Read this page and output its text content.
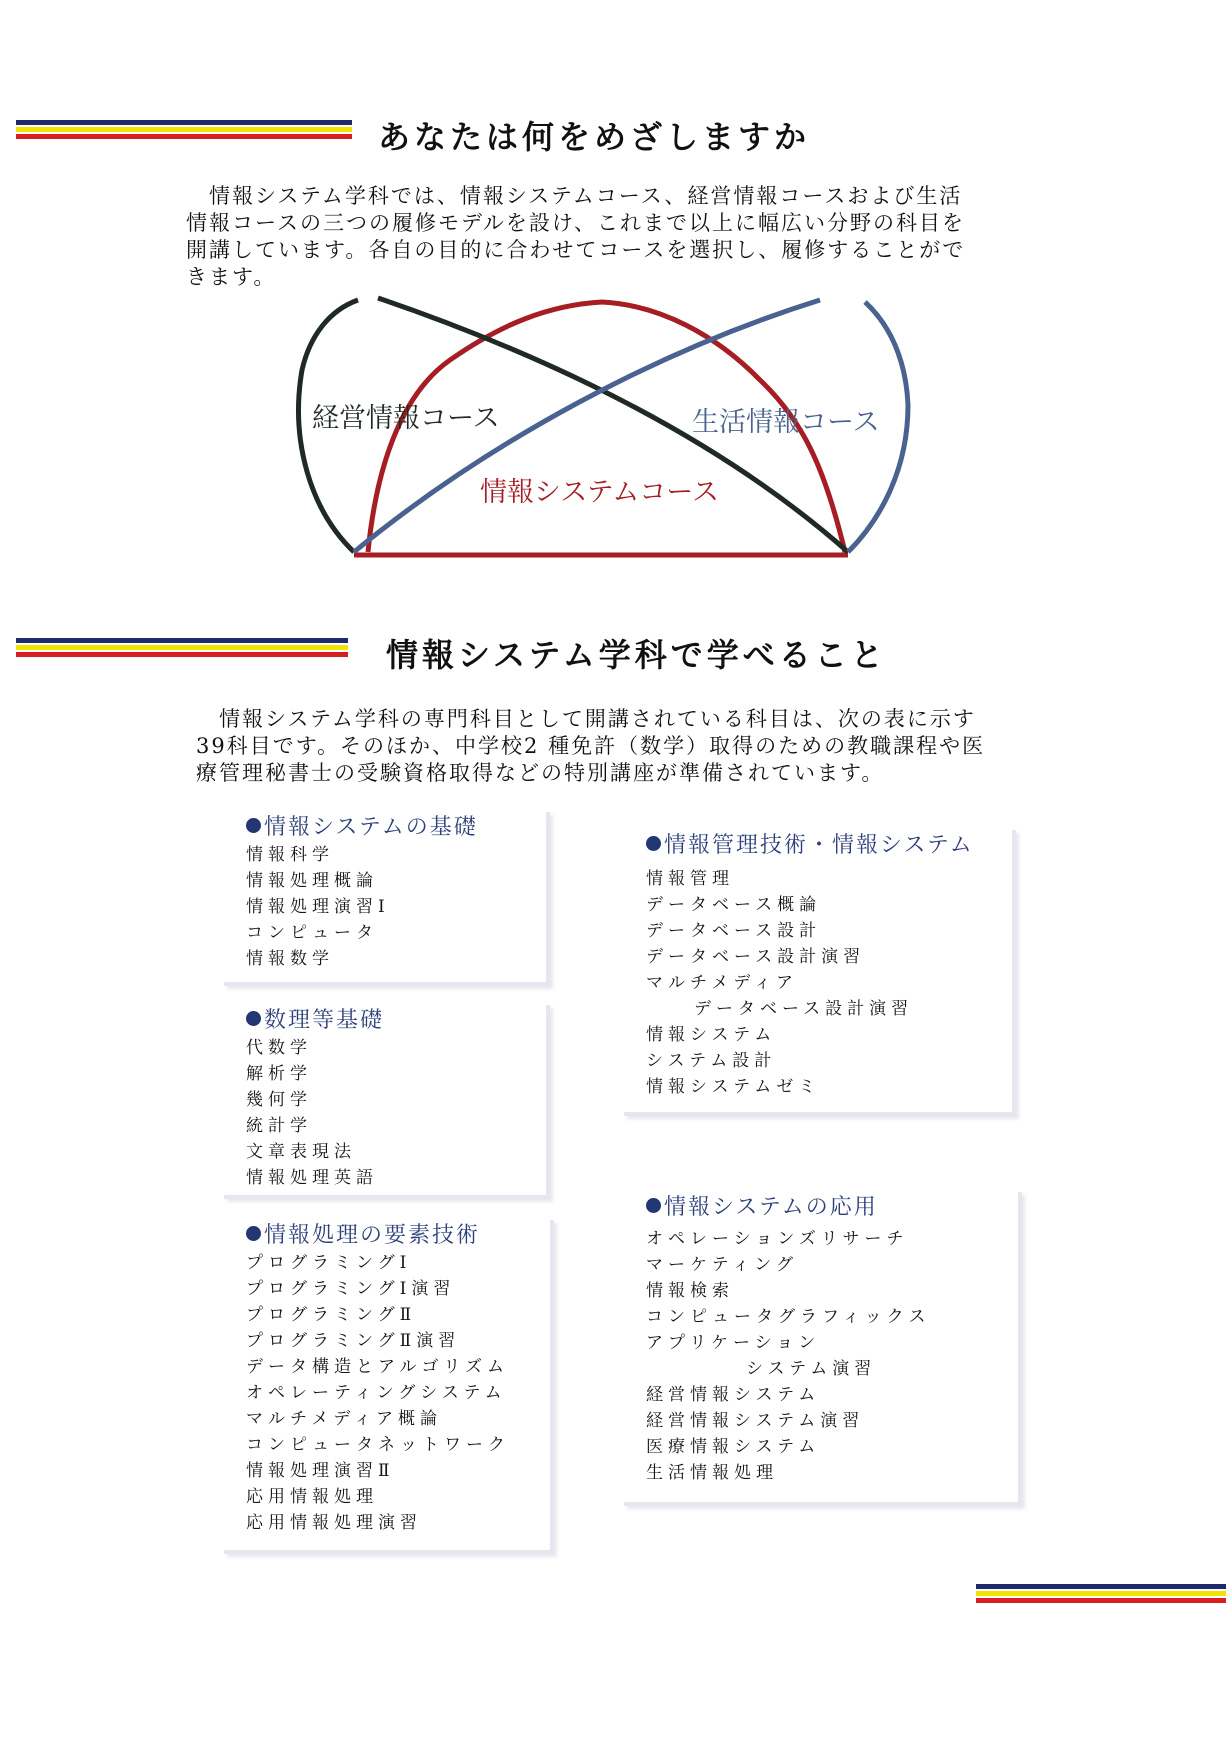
あなたは何をめざしますか

　情報システム学科では、情報システムコース、経営情報コースおよび生活

情報コースの三つの履修モデルを設け、これまで以上に幅広い分野の科目を

開講しています。各自の目的に合わせてコースを選択し、履修することがで

きます。

経営情報コース	生活情報コース
情報システムコース
情報システム学科で学べること

　情報システム学科の専門科目として開講されている科目は、次の表に示す

39科目です。そのほか、中学校2 種免許（数学）取得のための教職課程や医

療管理秘書士の受験資格取得などの特別講座が準備されています。

情報システムの基礎
情報科学
情報処理概論
情報処理演習Ⅰ
コンピュータ
情報数学
数理等基礎
代数学
解析学
幾何学
統計学
文章表現法
情報処理英語
情報処理の要素技術
プログラミングⅠ
プログラミングⅠ演習
プログラミングⅡ
プログラミングⅡ演習
データ構造とアルゴリズム
オペレーティングシステム
マルチメディア概論
コンピュータネットワーク
情報処理演習Ⅱ
応用情報処理
応用情報処理演習
情報管理技術・情報システム
情報管理
データベース概論
データベース設計
データベース設計演習
マルチメディア
データベース設計演習
情報システム
システム設計
情報システムゼミ
情報システムの応用
オペレーションズリサーチ
マーケティング
情報検索
コンピュータグラフィックス
アプリケーション
システム演習
経営情報システム
経営情報システム演習
医療情報システム
生活情報処理
